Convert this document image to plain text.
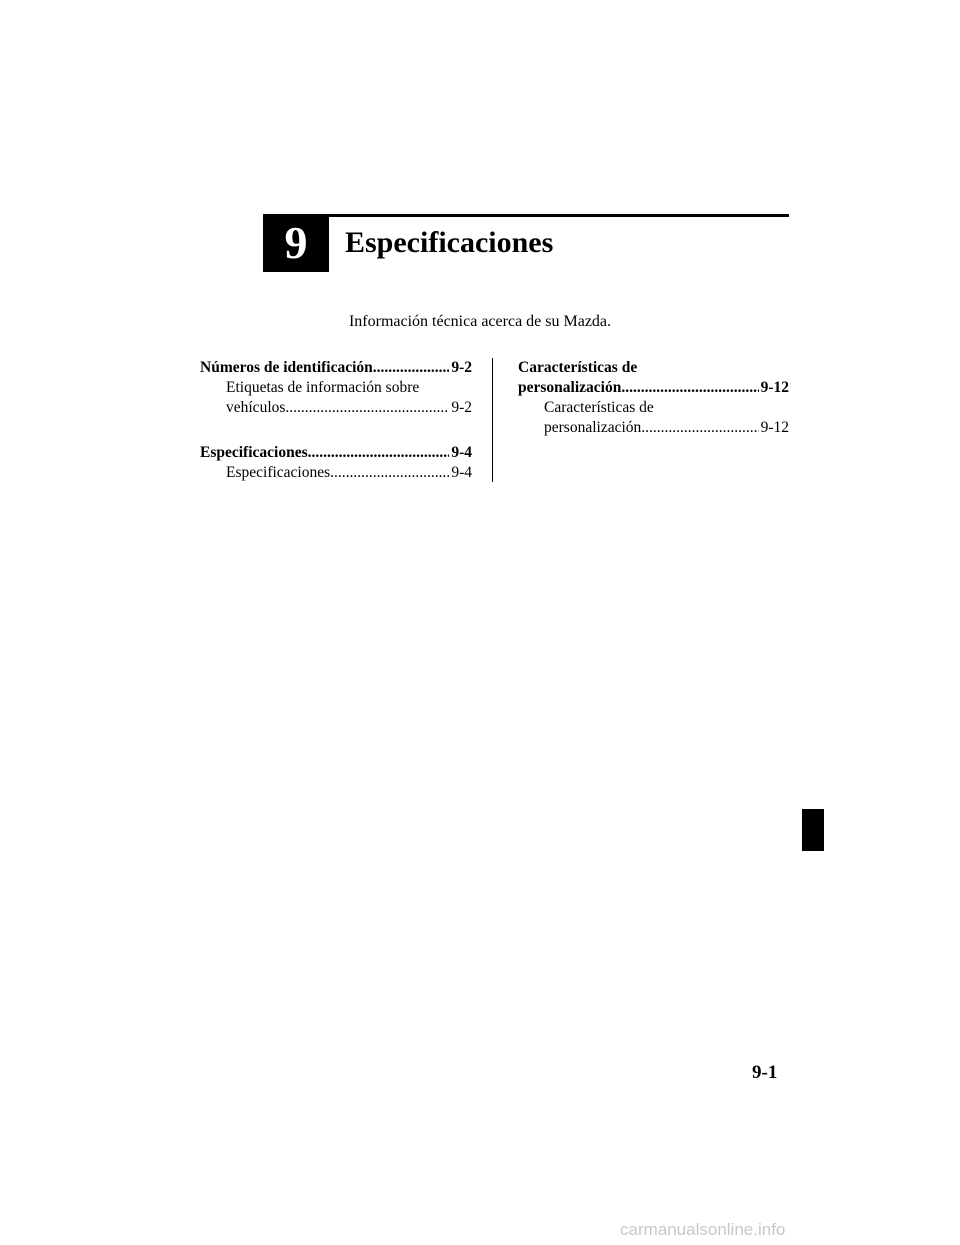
9 Especificaciones
Información técnica acerca de su Mazda.
Números de identificación .....	9-2
Etiquetas de información sobre
vehículos .....	9-2
Especificaciones .....	9-4
Especificaciones .....	9-4
Características de
personalización .....	9-12
Características de
personalización .....	9-12
9-1
carmanualsonline.info
